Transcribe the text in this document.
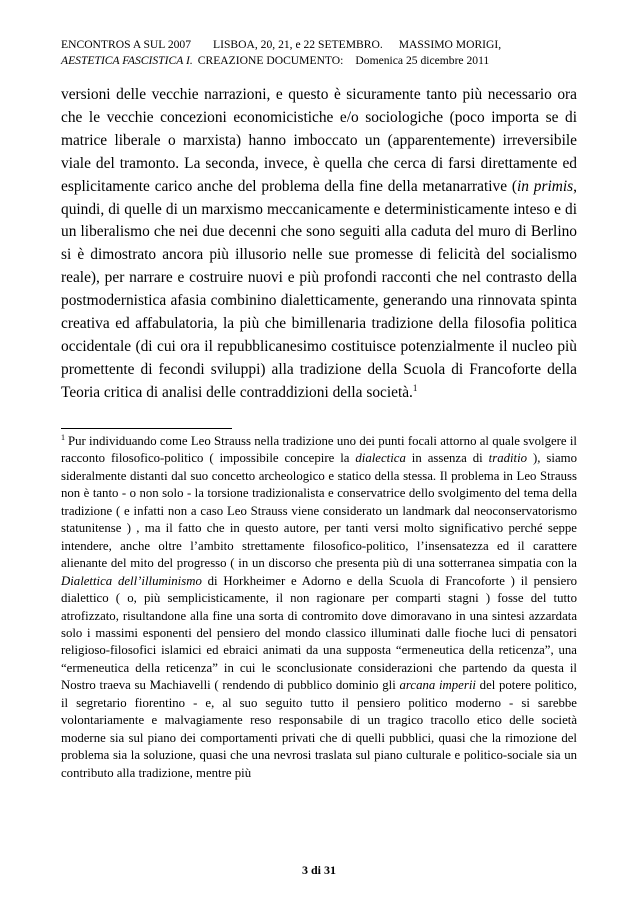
ENCONTROS A SUL 2007 LISBOA, 20, 21, e 22 SETEMBRO. MASSIMO MORIGI,
AESTETICA FASCISTICA I. CREAZIONE DOCUMENTO: Domenica 25 dicembre 2011
versioni delle vecchie narrazioni, e questo è sicuramente tanto più necessario ora che le vecchie concezioni economicistiche e/o sociologiche (poco importa se di matrice liberale o marxista) hanno imboccato un (apparentemente) irreversibile viale del tramonto. La seconda, invece, è quella che cerca di farsi direttamente ed esplicitamente carico anche del problema della fine della metanarrative (in primis, quindi, di quelle di un marxismo meccanicamente e deterministicamente inteso e di un liberalismo che nei due decenni che sono seguiti alla caduta del muro di Berlino si è dimostrato ancora più illusorio nelle sue promesse di felicità del socialismo reale), per narrare e costruire nuovi e più profondi racconti che nel contrasto della postmodernistica afasia combinino dialetticamente, generando una rinnovata spinta creativa ed affabulatoria, la più che bimillenaria tradizione della filosofia politica occidentale (di cui ora il repubblicanesimo costituisce potenzialmente il nucleo più promettente di fecondi sviluppi) alla tradizione della Scuola di Francoforte della Teoria critica di analisi delle contraddizioni della società.$^1$
$^1$ Pur individuando come Leo Strauss nella tradizione uno dei punti focali attorno al quale svolgere il racconto filosofico-politico ( impossibile concepire la dialectica in assenza di traditio ), siamo sideralmente distanti dal suo concetto archeologico e statico della stessa. Il problema in Leo Strauss non è tanto - o non solo - la torsione tradizionalista e conservatrice dello svolgimento del tema della tradizione ( e infatti non a caso Leo Strauss viene considerato un landmark dal neoconservatorismo statunitense ) , ma il fatto che in questo autore, per tanti versi molto significativo perché seppe intendere, anche oltre l’ambito strettamente filosofico-politico, l’insensatezza ed il carattere alienante del mito del progresso ( in un discorso che presenta più di una sotterranea simpatia con la Dialettica dell’illuminismo di Horkheimer e Adorno e della Scuola di Francoforte ) il pensiero dialettico ( o, più semplicisticamente, il non ragionare per comparti stagni ) fosse del tutto atrofizzato, risultandone alla fine una sorta di contromito dove dimoravano in una sintesi azzardata solo i massimi esponenti del pensiero del mondo classico illuminati dalle fioche luci di pensatori religioso-filosofici islamici ed ebraici animati da una supposta “ermeneutica della reticenza”, una “ermeneutica della reticenza” in cui le sconclusionate considerazioni che partendo da questa il Nostro traeva su Machiavelli ( rendendo di pubblico dominio gli arcana imperii del potere politico, il segretario fiorentino - e, al suo seguito tutto il pensiero politico moderno - si sarebbe volontariamente e malvagiamente reso responsabile di un tragico tracollo etico delle società moderne sia sul piano dei comportamenti privati che di quelli pubblici, quasi che la rimozione del problema sia la soluzione, quasi che una nevrosi traslata sul piano culturale e politico-sociale sia un contributo alla tradizione, mentre più
3 di 31
